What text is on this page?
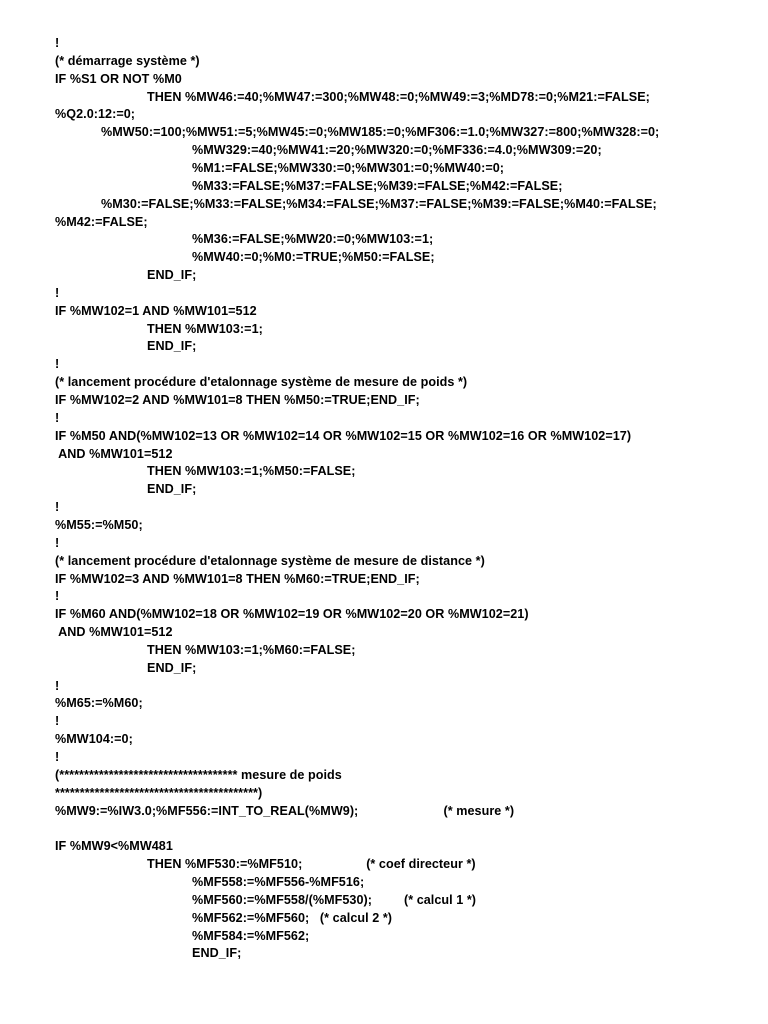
!
(* démarrage système *)
IF %S1 OR NOT %M0
THEN %MW46:=40;%MW47:=300;%MW48:=0;%MW49:=3;%MD78:=0;%M21:=FALSE;
%Q2.0:12:=0;
%MW50:=100;%MW51:=5;%MW45:=0;%MW185:=0;%MF306:=1.0;%MW327:=800;%MW328:=0;
%MW329:=40;%MW41:=20;%MW320:=0;%MF336:=4.0;%MW309:=20;
%M1:=FALSE;%MW330:=0;%MW301:=0;%MW40:=0;
%M33:=FALSE;%M37:=FALSE;%M39:=FALSE;%M42:=FALSE;
%M30:=FALSE;%M33:=FALSE;%M34:=FALSE;%M37:=FALSE;%M39:=FALSE;%M40:=FALSE;
%M42:=FALSE;
%M36:=FALSE;%MW20:=0;%MW103:=1;
%MW40:=0;%M0:=TRUE;%M50:=FALSE;
END_IF;
!
IF %MW102=1 AND %MW101=512
THEN %MW103:=1;
END_IF;
!
(* lancement procédure d'etalonnage système de mesure de poids *)
IF %MW102=2 AND %MW101=8 THEN %M50:=TRUE;END_IF;
!
IF %M50 AND(%MW102=13 OR %MW102=14 OR %MW102=15 OR %MW102=16 OR %MW102=17)
AND %MW101=512
THEN %MW103:=1;%M50:=FALSE;
END_IF;
!
%M55:=%M50;
!
(* lancement procédure d'etalonnage système de mesure de distance *)
IF %MW102=3 AND %MW101=8 THEN %M60:=TRUE;END_IF;
!
IF %M60 AND(%MW102=18 OR %MW102=19 OR %MW102=20 OR %MW102=21)
AND %MW101=512
THEN %MW103:=1;%M60:=FALSE;
END_IF;
!
%M65:=%M60;
!
%MW104:=0;
!
(************************************ mesure de poids
*****************************************)
%MW9:=%IW3.0;%MF556:=INT_TO_REAL(%MW9);                        (* mesure *)
IF %MW9<%MW481
THEN %MF530:=%MF510;                  (* coef directeur *)
%MF558:=%MF556-%MF516;
%MF560:=%MF558/(%MF530);         (* calcul 1 *)
%MF562:=%MF560;   (* calcul 2 *)
%MF584:=%MF562;
END_IF;
